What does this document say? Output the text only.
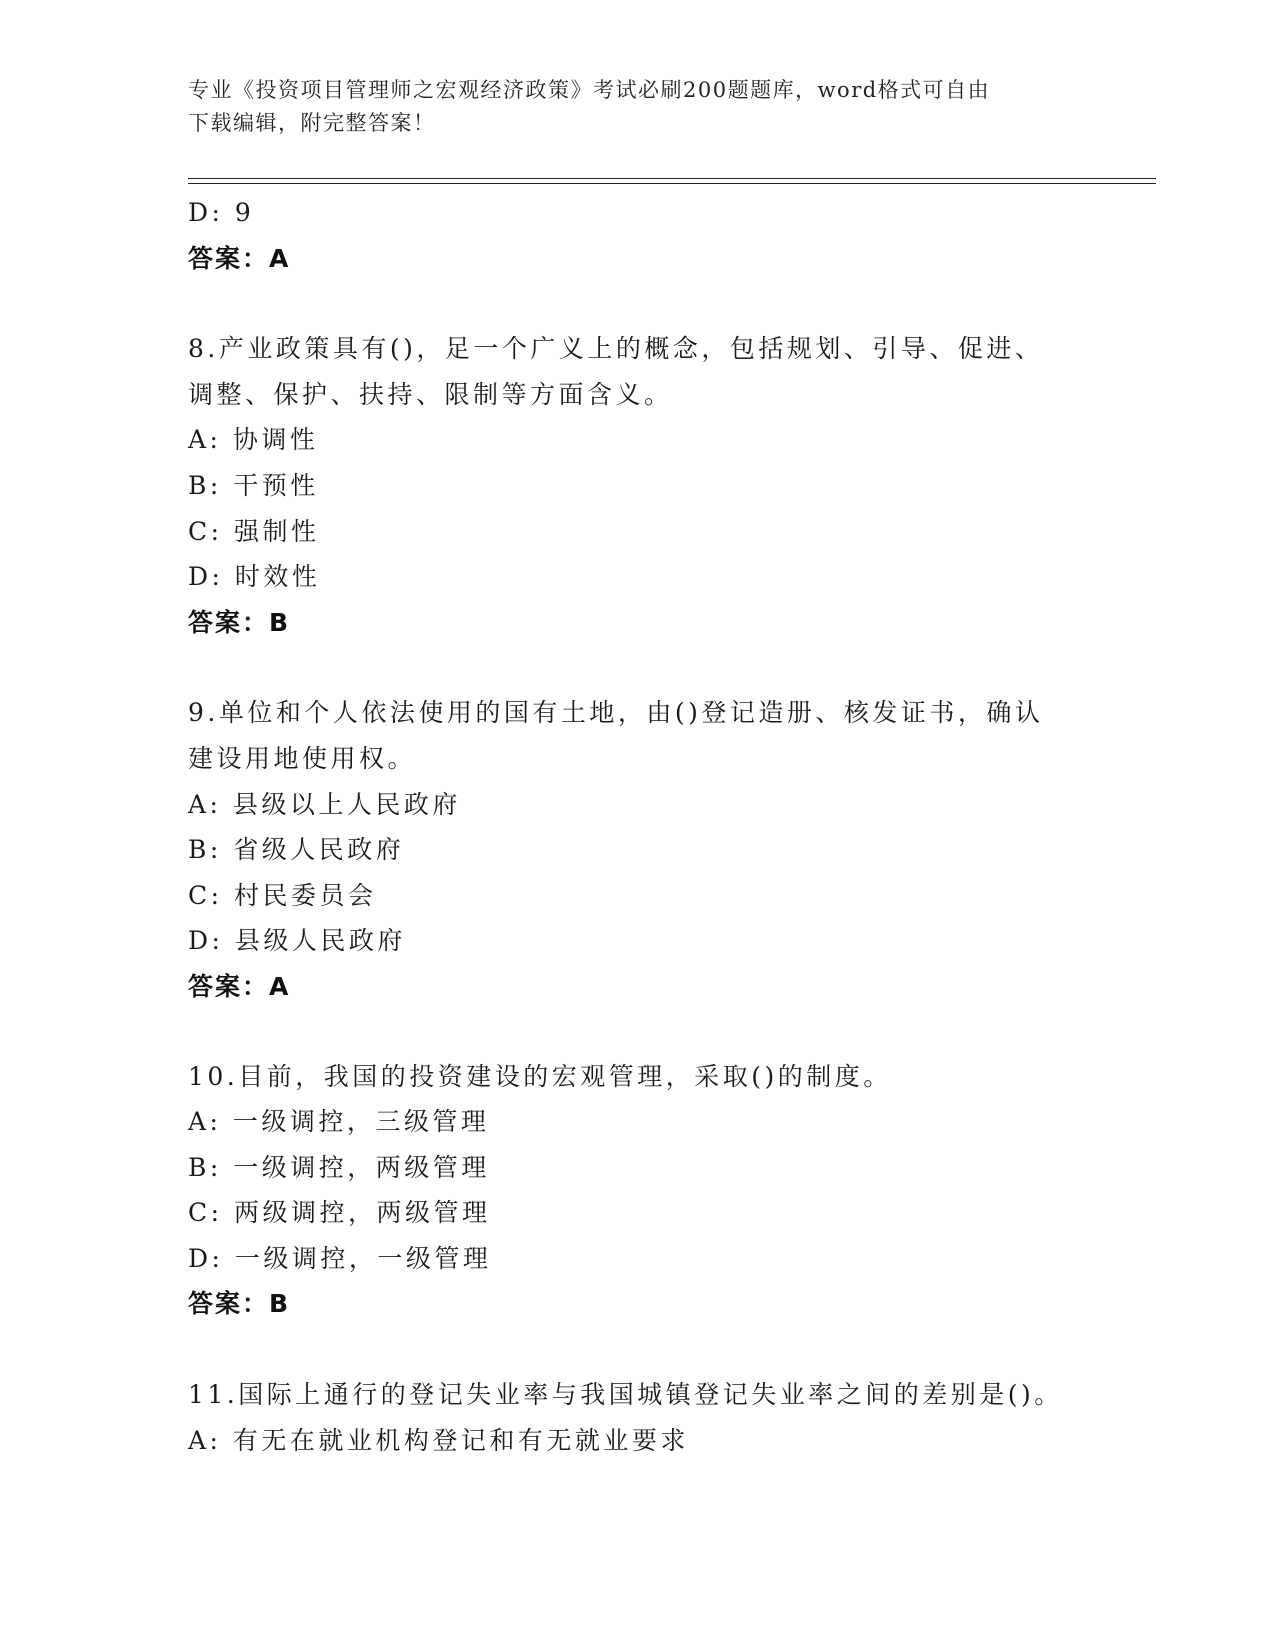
专业《投资项目管理师之宏观经济政策》考试必刷200题题库，word格式可自由
下载编辑，附完整答案！
D: 9
答案：A
8.产业政策具有()，足一个广义上的概念，包括规划、引导、促进、
调整、保护、扶持、限制等方面含义。
A: 协调性
B: 干预性
C: 强制性
D: 时效性
答案：B
9.单位和个人依法使用的国有土地，由()登记造册、核发证书，确认
建设用地使用权。
A: 县级以上人民政府
B: 省级人民政府
C: 村民委员会
D: 县级人民政府
答案：A
10.目前，我国的投资建设的宏观管理，采取()的制度。
A: 一级调控，三级管理
B: 一级调控，两级管理
C: 两级调控，两级管理
D: 一级调控，一级管理
答案：B
11.国际上通行的登记失业率与我国城镇登记失业率之间的差别是()。
A: 有无在就业机构登记和有无就业要求
